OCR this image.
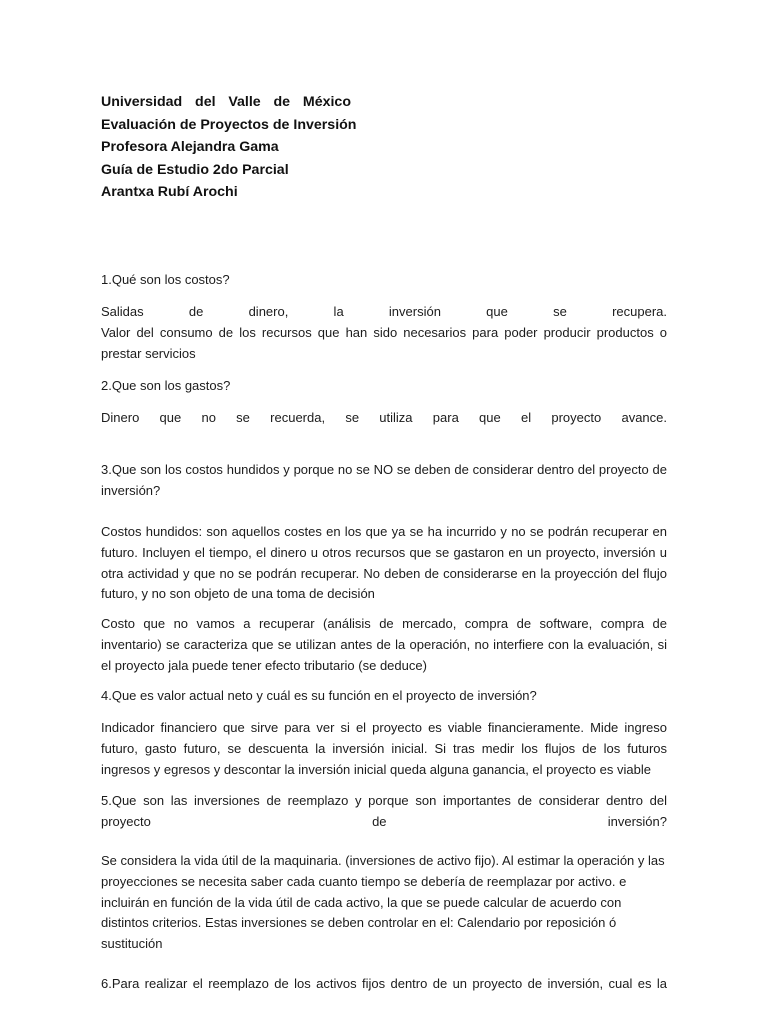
Universidad del Valle de México
Evaluación de Proyectos de Inversión
Profesora Alejandra Gama
Guía de Estudio 2do Parcial
Arantxa Rubí Arochi

1.Qué son los costos?

Salidas de dinero, la inversión que se recupera.
Valor del consumo de los recursos que han sido necesarios para poder producir productos o
prestar servicios

2.Que son los gastos?

Dinero que no se recuerda, se utiliza para que el proyecto avance.

3.Que son los costos hundidos y porque no se NO se deben de considerar dentro del proyecto de
inversión?

Costos hundidos: son aquellos costes en los que ya se ha incurrido y no se podrán recuperar en
futuro. Incluyen el tiempo, el dinero u otros recursos que se gastaron en un proyecto, inversión u
otra actividad y que no se podrán recuperar. No deben de considerarse en la proyección del flujo
futuro, y no son objeto de una toma de decisión

Costo que no vamos a recuperar (análisis de mercado, compra de software, compra de
inventario) se caracteriza que se utilizan antes de la operación, no interfiere con la evaluación, si
el proyecto jala puede tener efecto tributario (se deduce)

4.Que es valor actual neto y cuál es su función en el proyecto de inversión?

Indicador financiero que sirve para ver si el proyecto es viable financieramente. Mide ingreso
futuro, gasto futuro, se descuenta la inversión inicial. Si tras medir los flujos de los futuros
ingresos y egresos y descontar la inversión inicial queda alguna ganancia, el proyecto es viable

5.Que son las inversiones de reemplazo y porque son importantes de considerar dentro del
proyecto de inversión?

Se considera la vida útil de la maquinaria. (inversiones de activo fijo). Al estimar la operación y las
proyecciones se necesita saber cada cuanto tiempo se debería de reemplazar por activo. e
incluirán en función de la vida útil de cada activo, la que se puede calcular de acuerdo con
distintos criterios. Estas inversiones se deben controlar en el: Calendario por reposición ó
sustitución

6.Para realizar el reemplazo de los activos fijos dentro de un proyecto de inversión, cual es la
